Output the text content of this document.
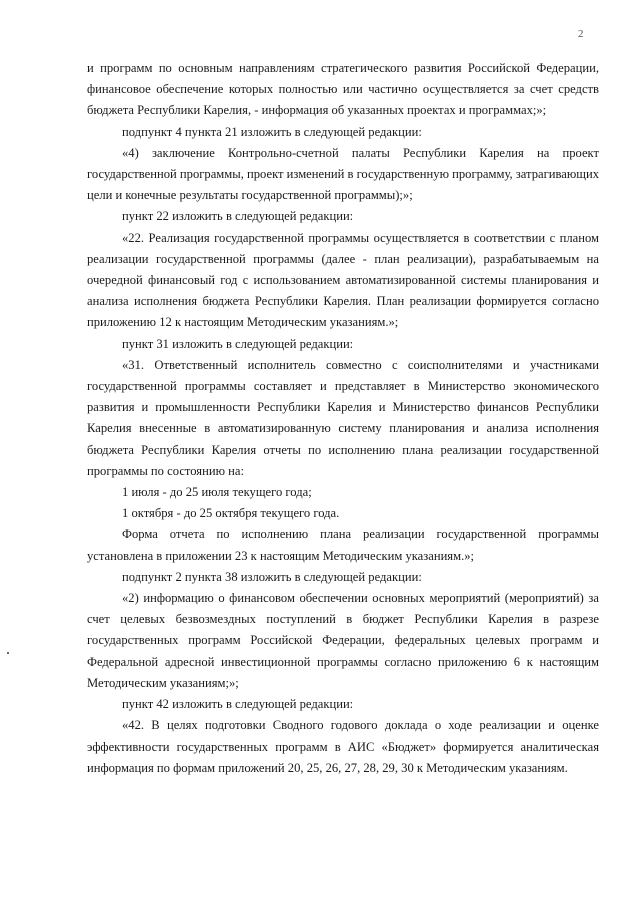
2

и программ по основным направлениям стратегического развития Российской Федерации, финансовое обеспечение которых полностью или частично осуществляется за счет средств бюджета Республики Карелия, - информация об указанных проектах и программах;»;

подпункт 4 пункта 21 изложить в следующей редакции:

«4) заключение Контрольно-счетной палаты Республики Карелия на проект государственной программы, проект изменений в государственную программу, затрагивающих цели и конечные результаты государственной программы);»;

пункт 22 изложить в следующей редакции:

«22. Реализация государственной программы осуществляется в соответствии с планом реализации государственной программы (далее - план реализации), разрабатываемым на очередной финансовый год с использованием автоматизированной системы планирования и анализа исполнения бюджета Республики Карелия. План реализации формируется согласно приложению 12 к настоящим Методическим указаниям.»;

пункт 31 изложить в следующей редакции:

«31. Ответственный исполнитель совместно с соисполнителями и участниками государственной программы составляет и представляет в Министерство экономического развития и промышленности Республики Карелия и Министерство финансов Республики Карелия внесенные в автоматизированную систему планирования и анализа исполнения бюджета Республики Карелия отчеты по исполнению плана реализации государственной программы по состоянию на:

1 июля - до 25 июля текущего года;

1 октября - до 25 октября текущего года.

Форма отчета по исполнению плана реализации государственной программы установлена в приложении 23 к настоящим Методическим указаниям.»;

подпункт 2 пункта 38 изложить в следующей редакции:

«2) информацию о финансовом обеспечении основных мероприятий (мероприятий) за счет целевых безвозмездных поступлений в бюджет Республики Карелия в разрезе государственных программ Российской Федерации, федеральных целевых программ и Федеральной адресной инвестиционной программы согласно приложению 6 к настоящим Методическим указаниям;»;

пункт 42 изложить в следующей редакции:

«42. В целях подготовки Сводного годового доклада о ходе реализации и оценке эффективности государственных программ в АИС «Бюджет» формируется аналитическая информация по формам приложений 20, 25, 26, 27, 28, 29, 30 к Методическим указаниям.
